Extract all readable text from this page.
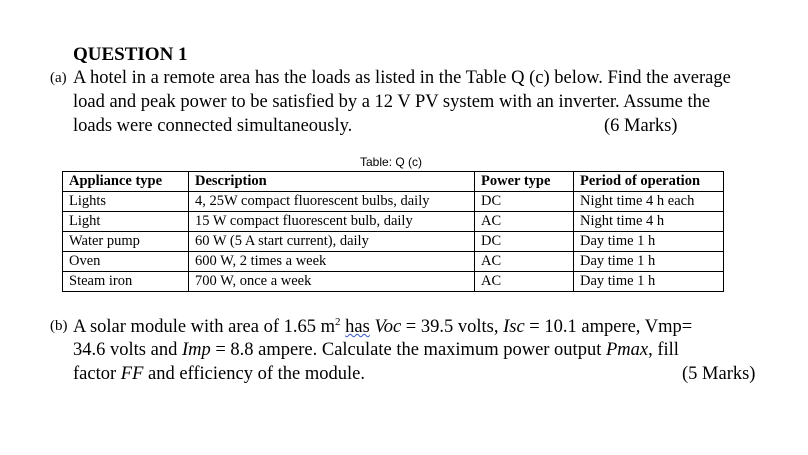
QUESTION 1
(a) A hotel in a remote area has the loads as listed in the Table Q (c) below. Find the average
load and peak power to be satisfied by a 12 V PV system with an inverter. Assume the
loads were connected simultaneously.	(6 Marks)
Table: Q (c)
Appliance type	Description	Power type	Period of operation
Lights	4, 25W compact fluorescent bulbs, daily	DC	Night time 4 h each
Light	15 W compact fluorescent bulb, daily	AC	Night time 4 h
Water pump	60 W (5 A start current), daily	DC	Day time 1 h
Oven	600 W, 2 times a week	AC	Day time 1 h
Steam iron	700 W, once a week	AC	Day time 1 h
(b) A solar module with area of 1.65 $m^2$ has Voc = 39.5 volts, Isc = 10.1 ampere, Vmp=
34.6 volts and Imp = 8.8 ampere. Calculate the maximum power output Pmax, fill
factor FF and efficiency of the module.	(5 Marks)
